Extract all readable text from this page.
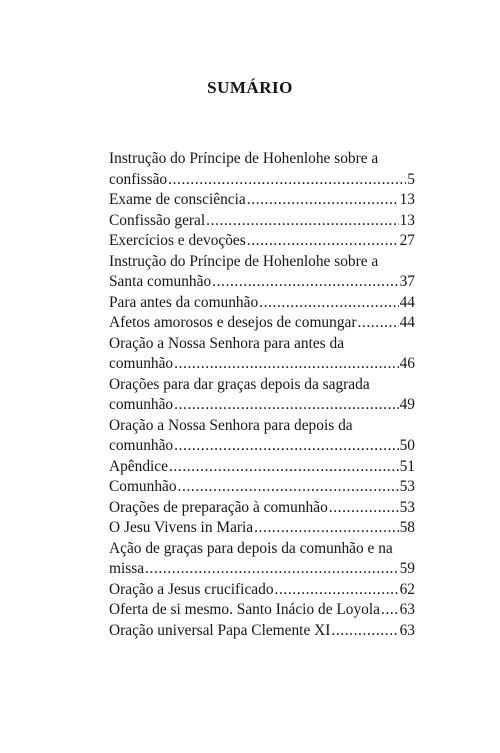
SUMÁRIO
Instrução do Príncipe de Hohenlohe sobre a
confissão .....	5
Exame de consciência .....	13
Confissão geral .....	13
Exercícios e devoções .....	27
Instrução do Príncipe de Hohenlohe sobre a
Santa comunhão .....	37
Para antes da comunhão .....	44
Afetos amorosos e desejos de comungar .....	44
Oração a Nossa Senhora para antes da
comunhão .....	46
Orações para dar graças depois da sagrada
comunhão .....	49
Oração a Nossa Senhora para depois da
comunhão .....	50
Apêndice .....	51
Comunhão .....	53
Orações de preparação à comunhão .....	53
O Jesu Vivens in Maria .....	58
Ação de graças para depois da comunhão e na
missa .....	59
Oração a Jesus crucificado .....	62
Oferta de si mesmo. Santo Inácio de Loyola ..... 63
Oração universal Papa Clemente XI .....	63
